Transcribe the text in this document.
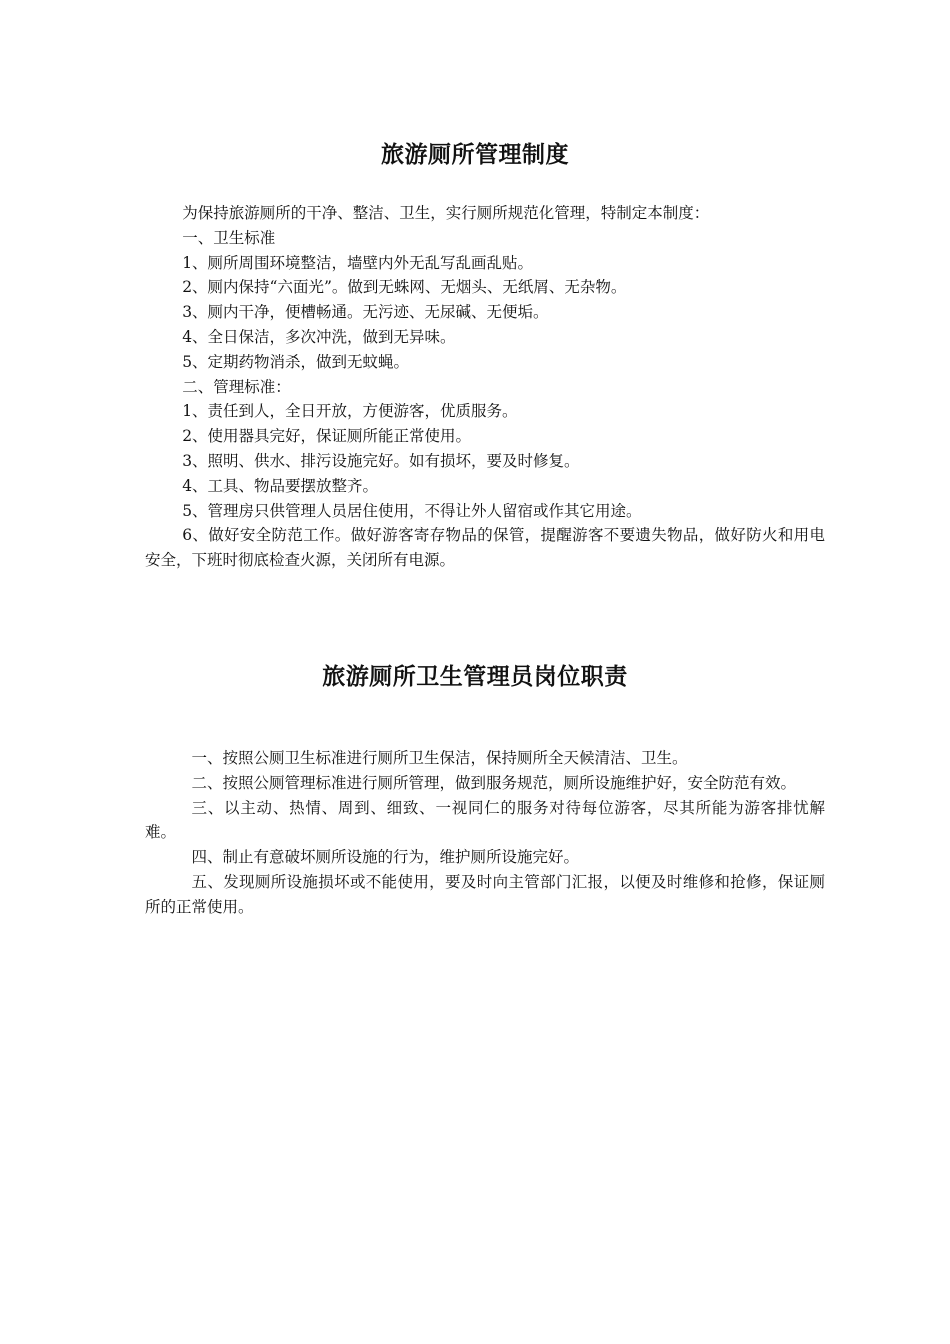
旅游厕所管理制度

为保持旅游厕所的干净、整洁、卫生，实行厕所规范化管理，特制定本制度：

一、卫生标准

1、厕所周围环境整洁，墙壁内外无乱写乱画乱贴。

2、厕内保持“六面光”。做到无蛛网、无烟头、无纸屑、无杂物。

3、厕内干净，便槽畅通。无污迹、无尿碱、无便垢。

4、全日保洁，多次冲洗，做到无异味。

5、定期药物消杀，做到无蚊蝇。

二、管理标准：

1、责任到人，全日开放，方便游客，优质服务。

2、使用器具完好，保证厕所能正常使用。

3、照明、供水、排污设施完好。如有损坏，要及时修复。

4、工具、物品要摆放整齐。

5、管理房只供管理人员居住使用，不得让外人留宿或作其它用途。

6、做好安全防范工作。做好游客寄存物品的保管，提醒游客不要遗失物品，做好防火和用电安全，下班时彻底检查火源，关闭所有电源。

旅游厕所卫生管理员岗位职责

一、按照公厕卫生标准进行厕所卫生保洁，保持厕所全天候清洁、卫生。

二、按照公厕管理标准进行厕所管理，做到服务规范，厕所设施维护好，安全防范有效。

三、以主动、热情、周到、细致、一视同仁的服务对待每位游客，尽其所能为游客排忧解难。

四、制止有意破坏厕所设施的行为，维护厕所设施完好。

五、发现厕所设施损坏或不能使用，要及时向主管部门汇报，以便及时维修和抢修，保证厕所的正常使用。
